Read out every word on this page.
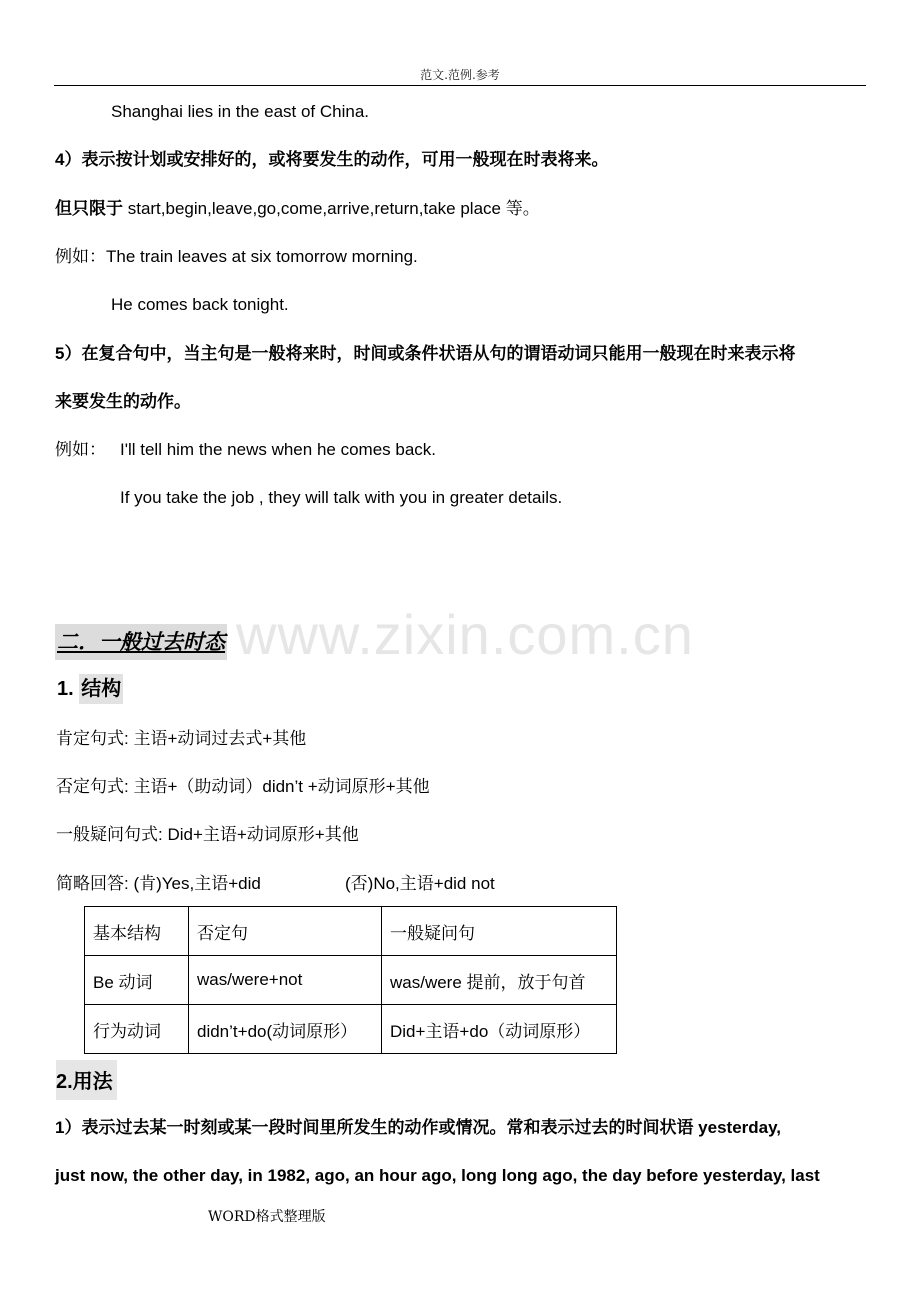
范文.范例.参考
Shanghai lies in the east of China.
4）表示按计划或安排好的，或将要发生的动作，可用一般现在时表将来。
但只限于 start,begin,leave,go,come,arrive,return,take place 等。
例如：The train leaves at six tomorrow morning.
He comes back tonight.
5）在复合句中，当主句是一般将来时，时间或条件状语从句的谓语动词只能用一般现在时来表示将
来要发生的动作。
例如： I'll tell him the news when he comes back.
If you take the job , they will talk with you in greater details.
www.zixin.com.cn
二．一般过去时态
1. 结构
肯定句式: 主语+动词过去式+其他
否定句式: 主语+（助动词）didn’t +动词原形+其他
一般疑问句式: Did+主语+动词原形+其他
简略回答: (肯)Yes,主语+did	(否)No,主语+did not
基本结构	否定句	一般疑问句
Be 动词	was/were+not	was/were 提前，放于句首
行为动词	didn’t+do(动词原形）	Did+主语+do（动词原形）
2.用法
1）表示过去某一时刻或某一段时间里所发生的动作或情况。常和表示过去的时间状语 yesterday,
just now, the other day, in 1982, ago, an hour ago, long long ago, the day before yesterday, last
WORD格式整理版
